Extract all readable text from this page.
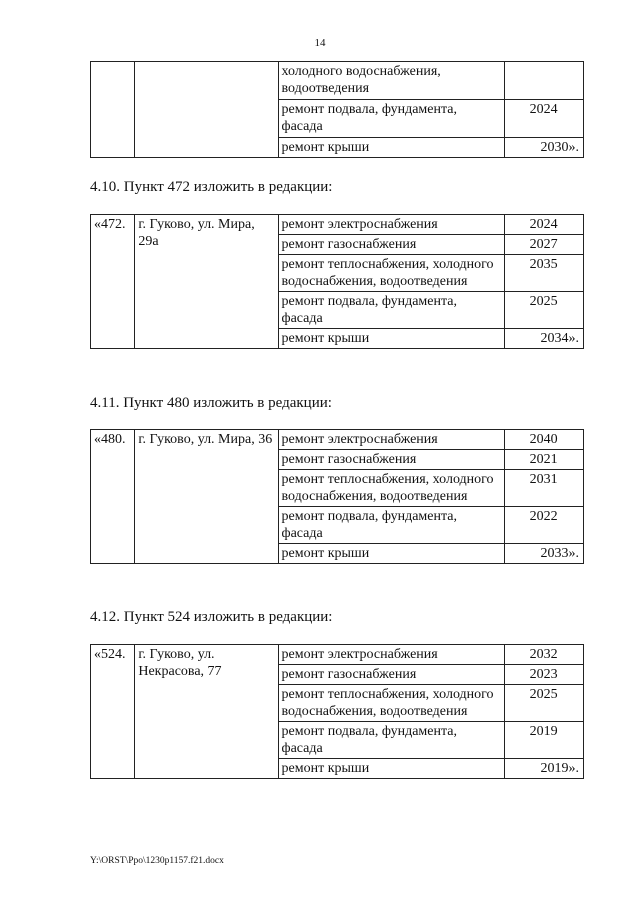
14
		холодного водоснабжения, водоотведения	
		ремонт подвала, фундамента, фасада	2024
		ремонт крыши	2030».
4.10. Пункт 472 изложить в редакции:
«472.	г. Гуково, ул. Мира, 29а	ремонт электроснабжения	2024
		ремонт газоснабжения	2027
		ремонт теплоснабжения, холодного водоснабжения, водоотведения	2035
		ремонт подвала, фундамента, фасада	2025
		ремонт крыши	2034».
4.11. Пункт 480 изложить в редакции:
«480.	г. Гуково, ул. Мира, 36	ремонт электроснабжения	2040
		ремонт газоснабжения	2021
		ремонт теплоснабжения, холодного водоснабжения, водоотведения	2031
		ремонт подвала, фундамента, фасада	2022
		ремонт крыши	2033».
4.12. Пункт 524 изложить в редакции:
«524.	г. Гуково, ул. Некрасова, 77	ремонт электроснабжения	2032
		ремонт газоснабжения	2023
		ремонт теплоснабжения, холодного водоснабжения, водоотведения	2025
		ремонт подвала, фундамента, фасада	2019
		ремонт крыши	2019».
Y:\ORST\Ppo\1230p1157.f21.docx
